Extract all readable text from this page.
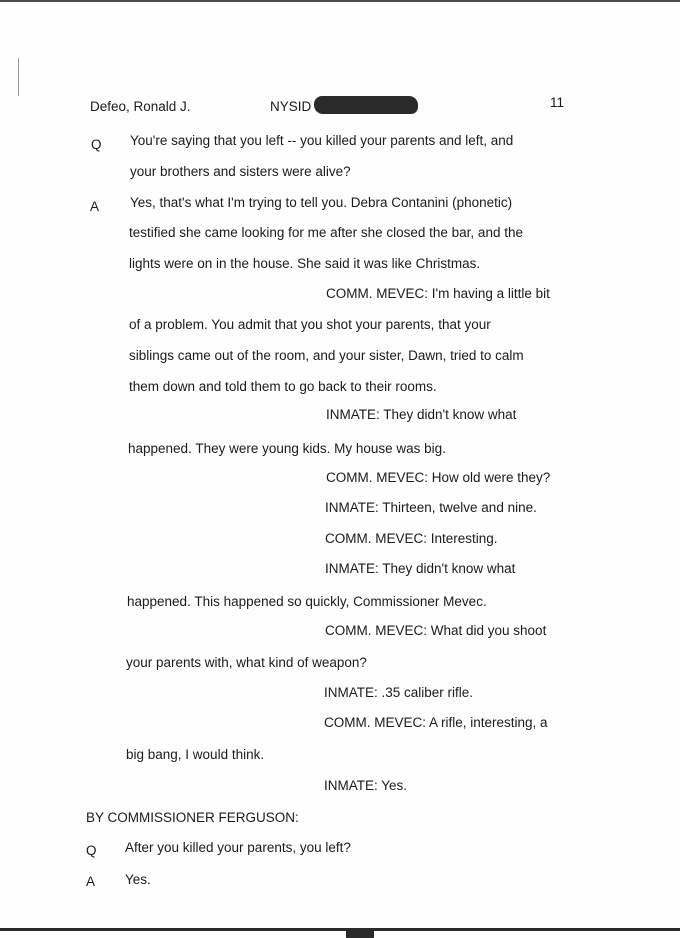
Defeo, Ronald J.	NYSID	11
Q You're saying that you left -- you killed your parents and left, and
your brothers and sisters were alive?
A Yes, that's what I'm trying to tell you. Debra Contanini (phonetic)
testified she came looking for me after she closed the bar, and the
lights were on in the house. She said it was like Christmas.
COMM. MEVEC: I'm having a little bit
of a problem. You admit that you shot your parents, that your
siblings came out of the room, and your sister, Dawn, tried to calm
them down and told them to go back to their rooms.
INMATE: They didn't know what
happened. They were young kids. My house was big.
COMM. MEVEC: How old were they?
INMATE: Thirteen, twelve and nine.
COMM. MEVEC: Interesting.
INMATE: They didn't know what
happened. This happened so quickly, Commissioner Mevec.
COMM. MEVEC: What did you shoot
your parents with, what kind of weapon?
INMATE: .35 caliber rifle.
COMM. MEVEC: A rifle, interesting, a
big bang, I would think.
INMATE: Yes.
BY COMMISSIONER FERGUSON:
Q After you killed your parents, you left?
A Yes.
